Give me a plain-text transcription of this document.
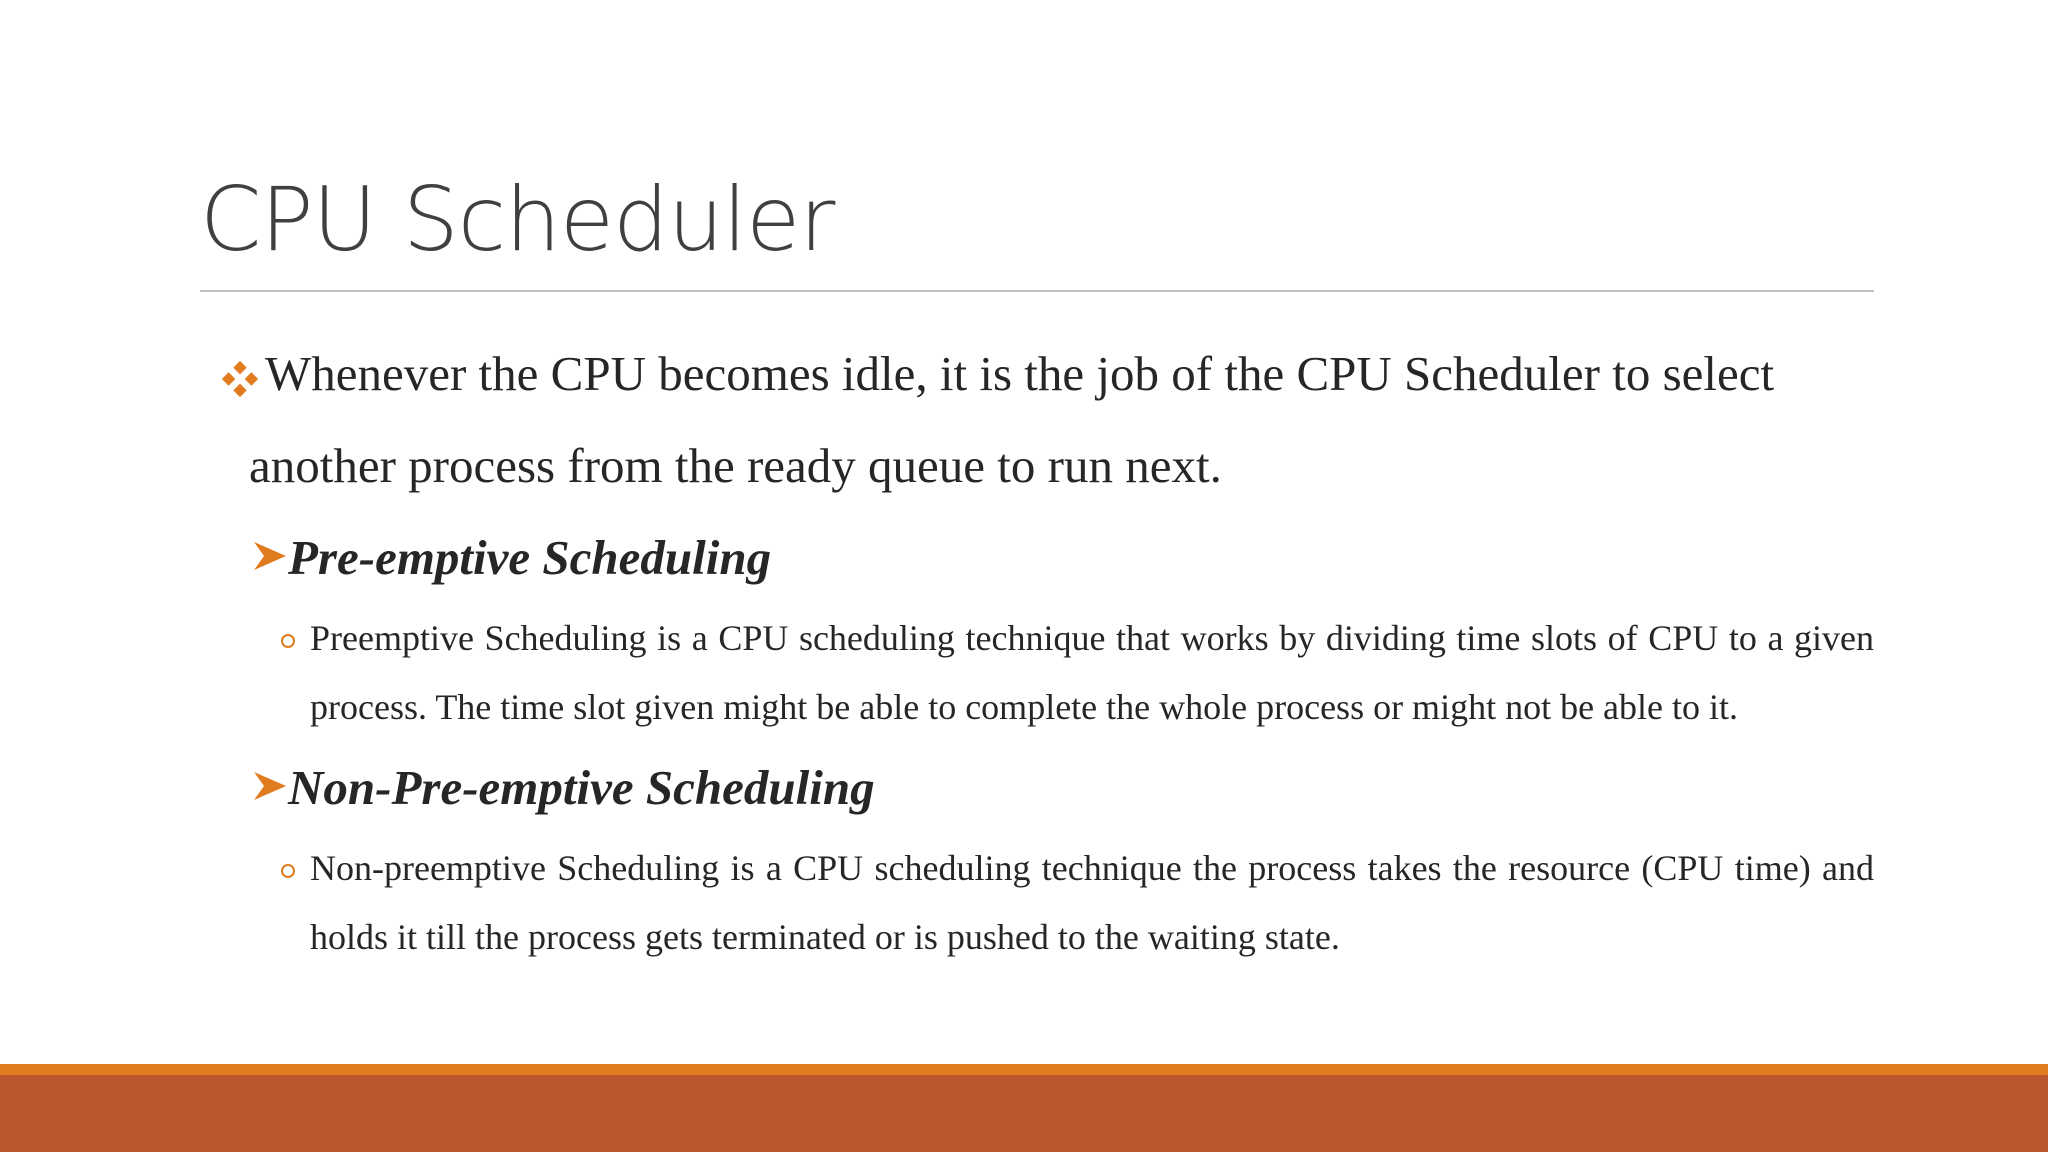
CPU Scheduler
Whenever the CPU becomes idle, it is the job of the CPU Scheduler to select
another process from the ready queue to run next.
Pre-emptive Scheduling
Preemptive Scheduling is a CPU scheduling technique that works by dividing time slots of CPU to a given process. The time slot given might be able to complete the whole process or might not be able to it.
Non-Pre-emptive Scheduling
Non-preemptive Scheduling is a CPU scheduling technique the process takes the resource (CPU time) and holds it till the process gets terminated or is pushed to the waiting state.
